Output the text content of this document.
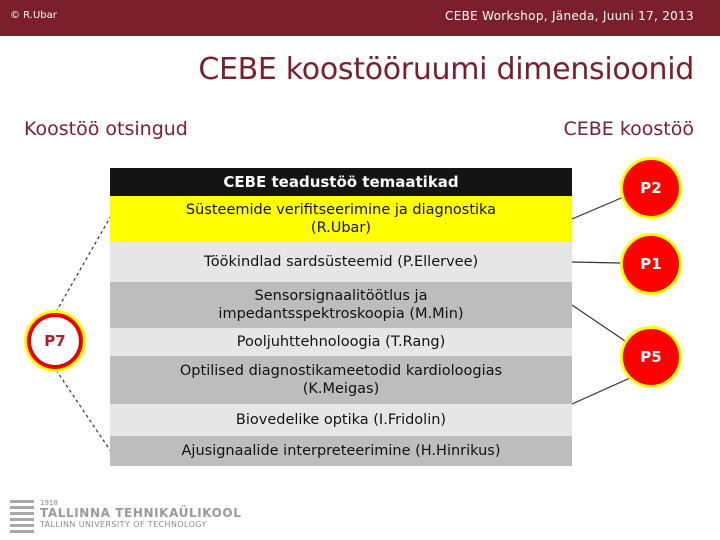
© R.Ubar	CEBE Workshop, Jäneda, Juuni 17, 2013
CEBE koostööruumi dimensioonid
Koostöö otsingud	CEBE koostöö
CEBE teadustöö temaatikad
Süsteemide verifitseerimine ja diagnostika
(R.Ubar)
Töökindlad sardsüsteemid (P.Ellervee)
Sensorsignaalitöötlus ja
impedantsspektroskoopia (M.Min)
Pooljuhttehnoloogia (T.Rang)
Optilised diagnostikameetodid kardioloogias
(K.Meigas)
Biovedelike optika (I.Fridolin)
Ajusignaalide interpreteerimine (H.Hinrikus)
P2
P1
P5
P7
1918
TALLINNA TEHNIKAÜLIKOOL
TALLINN UNIVERSITY OF TECHNOLOGY
